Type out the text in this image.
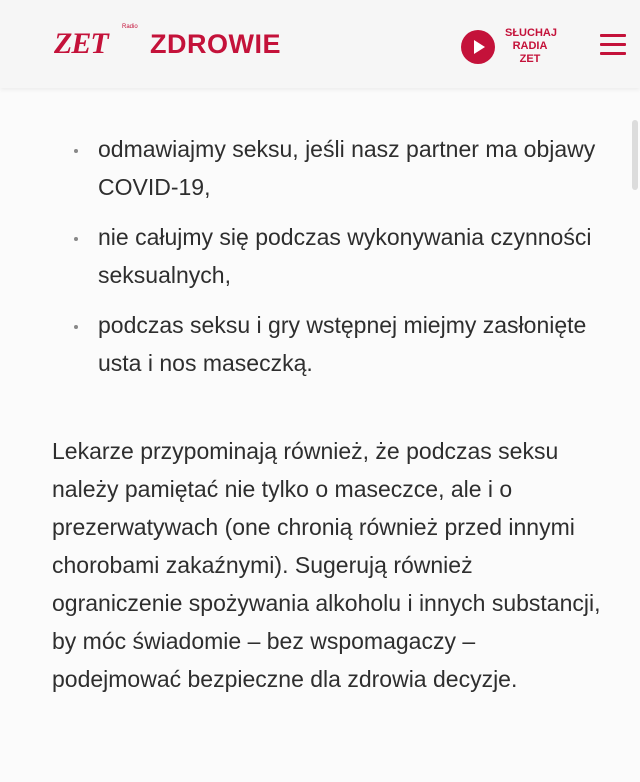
ZET Radio
ZDROWIE	SŁUCHAJ
RADIA ZET
odmawiajmy seksu, jeśli nasz partner ma objawy COVID-19,
nie całujmy się podczas wykonywania czynności seksualnych,
podczas seksu i gry wstępnej miejmy zasłonięte usta i nos maseczką.

Lekarze przypominają również, że podczas seksu należy pamiętać nie tylko o maseczce, ale i o prezerwatywach (one chronią również przed innymi chorobami zakaźnymi). Sugerują również ograniczenie spożywania alkoholu i innych substancji, by móc świadomie – bez wspomagaczy – podejmować bezpieczne dla zdrowia decyzje.
